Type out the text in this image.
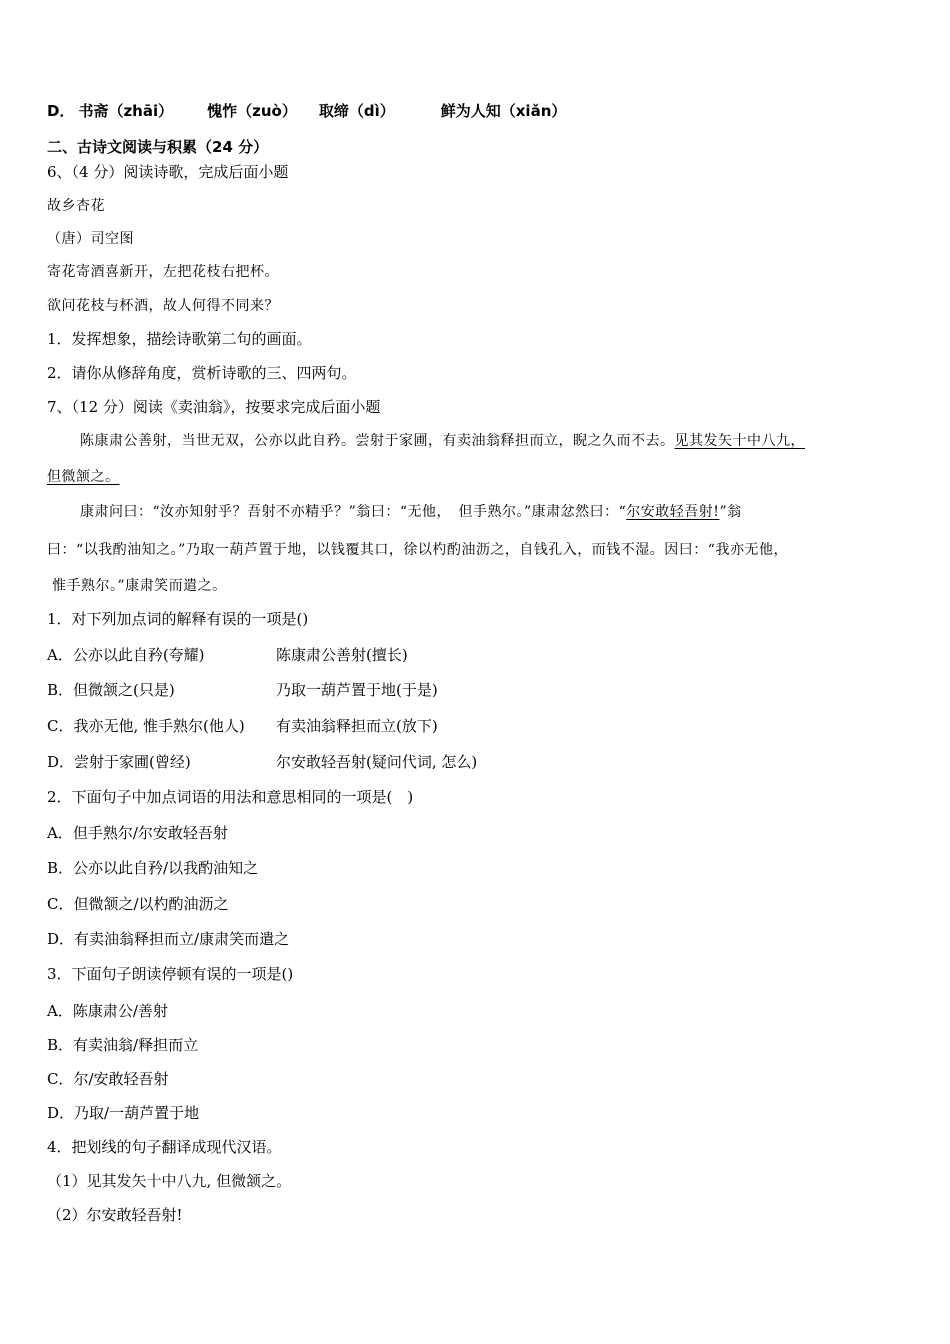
D． 书斋（zhāi） 愧怍（zuò） 取缔（dì）	鲜为人知（xiǎn）
二、古诗文阅读与积累（24 分）
6、（4 分）阅读诗歌，完成后面小题
故乡杏花
（唐）司空图
寄花寄酒喜新开，左把花枝右把杯。
欲问花枝与杯酒，故人何得不同来？
1．发挥想象，描绘诗歌第二句的画面。
2．请你从修辞角度，赏析诗歌的三、四两句。
7、（12 分）阅读《卖油翁》，按要求完成后面小题
陈康肃公善射，当世无双，公亦以此自矜。尝射于家圃，有卖油翁释担而立，睨之久而不去。见其发矢十中八九，
但微颔之。
康肃问曰：“汝亦知射乎？吾射不亦精乎？”翁曰：“无他，　但手熟尔。”康肃忿然曰：“尔安敢轻吾射!”翁
曰：“以我酌油知之。”乃取一葫芦置于地，以钱覆其口，徐以杓酌油沥之，自钱孔入，而钱不湿。因曰：“我亦无他，
惟手熟尔。”康肃笑而遣之。
1．对下列加点词的解释有误的一项是()
A．公亦以此自矜(夸耀)	陈康肃公善射(擅长)
B．但微颔之(只是)	乃取一葫芦置于地(于是)
C．我亦无他, 惟手熟尔(他人) 有卖油翁释担而立(放下)
D．尝射于家圃(曾经)	尔安敢轻吾射(疑问代词, 怎么)
2．下面句子中加点词语的用法和意思相同的一项是(　)
A．但手熟尔/尔安敢轻吾射
B．公亦以此自矜/以我酌油知之
C．但微颔之/以杓酌油沥之
D．有卖油翁释担而立/康肃笑而遣之
3．下面句子朗读停顿有误的一项是()
A．陈康肃公/善射
B．有卖油翁/释担而立
C．尔/安敢轻吾射
D．乃取/一葫芦置于地
4．把划线的句子翻译成现代汉语。
（1）见其发矢十中八九, 但微颔之。
（2）尔安敢轻吾射!
